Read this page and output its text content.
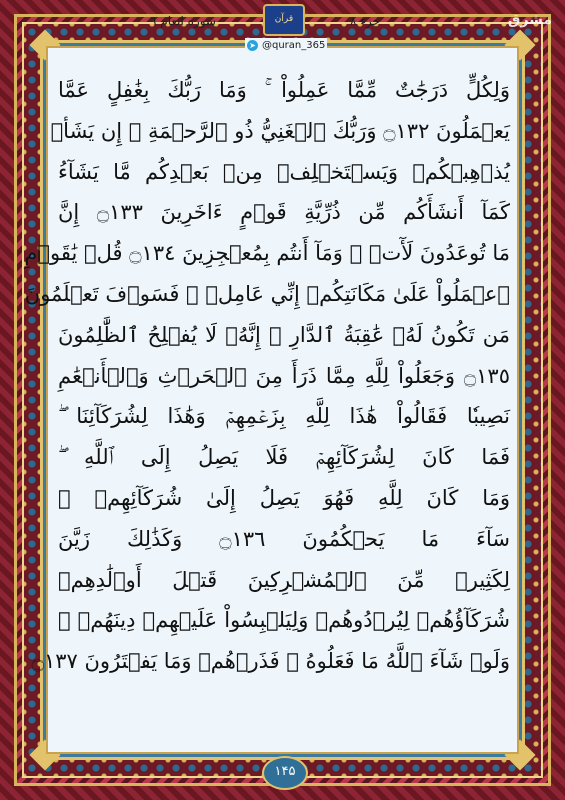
مشرق
سوره انعام ٦	قرآن	جزء ۸
➤ @quran_365
وَلِكُلٍّ دَرَجَٰتٌ مِّمَّا عَمِلُواْ ۚ وَمَا رَبُّكَ بِغَٰفِلٍ عَمَّا
يَعۡمَلُونَ ۝١٣٢ وَرَبُّكَ ٱلۡغَنِيُّ ذُو ٱلرَّحۡمَةِ ۚ إِن يَشَأۡ
يُذۡهِبۡكُمۡ وَيَسۡتَخۡلِفۡ مِنۢ بَعۡدِكُم مَّا يَشَآءُ
كَمَآ أَنشَأَكُم مِّن ذُرِّيَّةِ قَوۡمٍ ءَاخَرِينَ ۝١٣٣ إِنَّ
مَا تُوعَدُونَ لَأٓتٖ ۖ وَمَآ أَنتُم بِمُعۡجِزِينَ ۝١٣٤ قُلۡ يَٰقَوۡمِ
ٱعۡمَلُواْ عَلَىٰ مَكَانَتِكُمۡ إِنِّي عَامِلٞ ۖ فَسَوۡفَ تَعۡلَمُونَ
مَن تَكُونُ لَهُۥ عَٰقِبَةُ ٱلدَّارِ ۗ إِنَّهُۥ لَا يُفۡلِحُ ٱلظَّٰلِمُونَ
۝١٣٥ وَجَعَلُواْ لِلَّهِ مِمَّا ذَرَأَ مِنَ ٱلۡحَرۡثِ وَٱلۡأَنۡعَٰمِ
نَصِيبٗا فَقَالُواْ هَٰذَا لِلَّهِ بِزَعۡمِهِمۡ وَهَٰذَا لِشُرَكَآئِنَا ۖ
فَمَا كَانَ لِشُرَكَآئِهِمۡ فَلَا يَصِلُ إِلَى ٱللَّهِ ۖ
وَمَا كَانَ لِلَّهِ فَهُوَ يَصِلُ إِلَىٰ شُرَكَآئِهِمۡ ۗ
سَآءَ مَا يَحۡكُمُونَ ۝١٣٦ وَكَذَٰلِكَ زَيَّنَ
لِكَثِيرٖ مِّنَ ٱلۡمُشۡرِكِينَ قَتۡلَ أَوۡلَٰدِهِمۡ
شُرَكَآؤُهُمۡ لِيُرۡدُوهُمۡ وَلِيَلۡبِسُواْ عَلَيۡهِمۡ دِينَهُمۡ ۖ
وَلَوۡ شَآءَ ٱللَّهُ مَا فَعَلُوهُ ۖ فَذَرۡهُمۡ وَمَا يَفۡتَرُونَ ۝١٣٧
۱۴۵
